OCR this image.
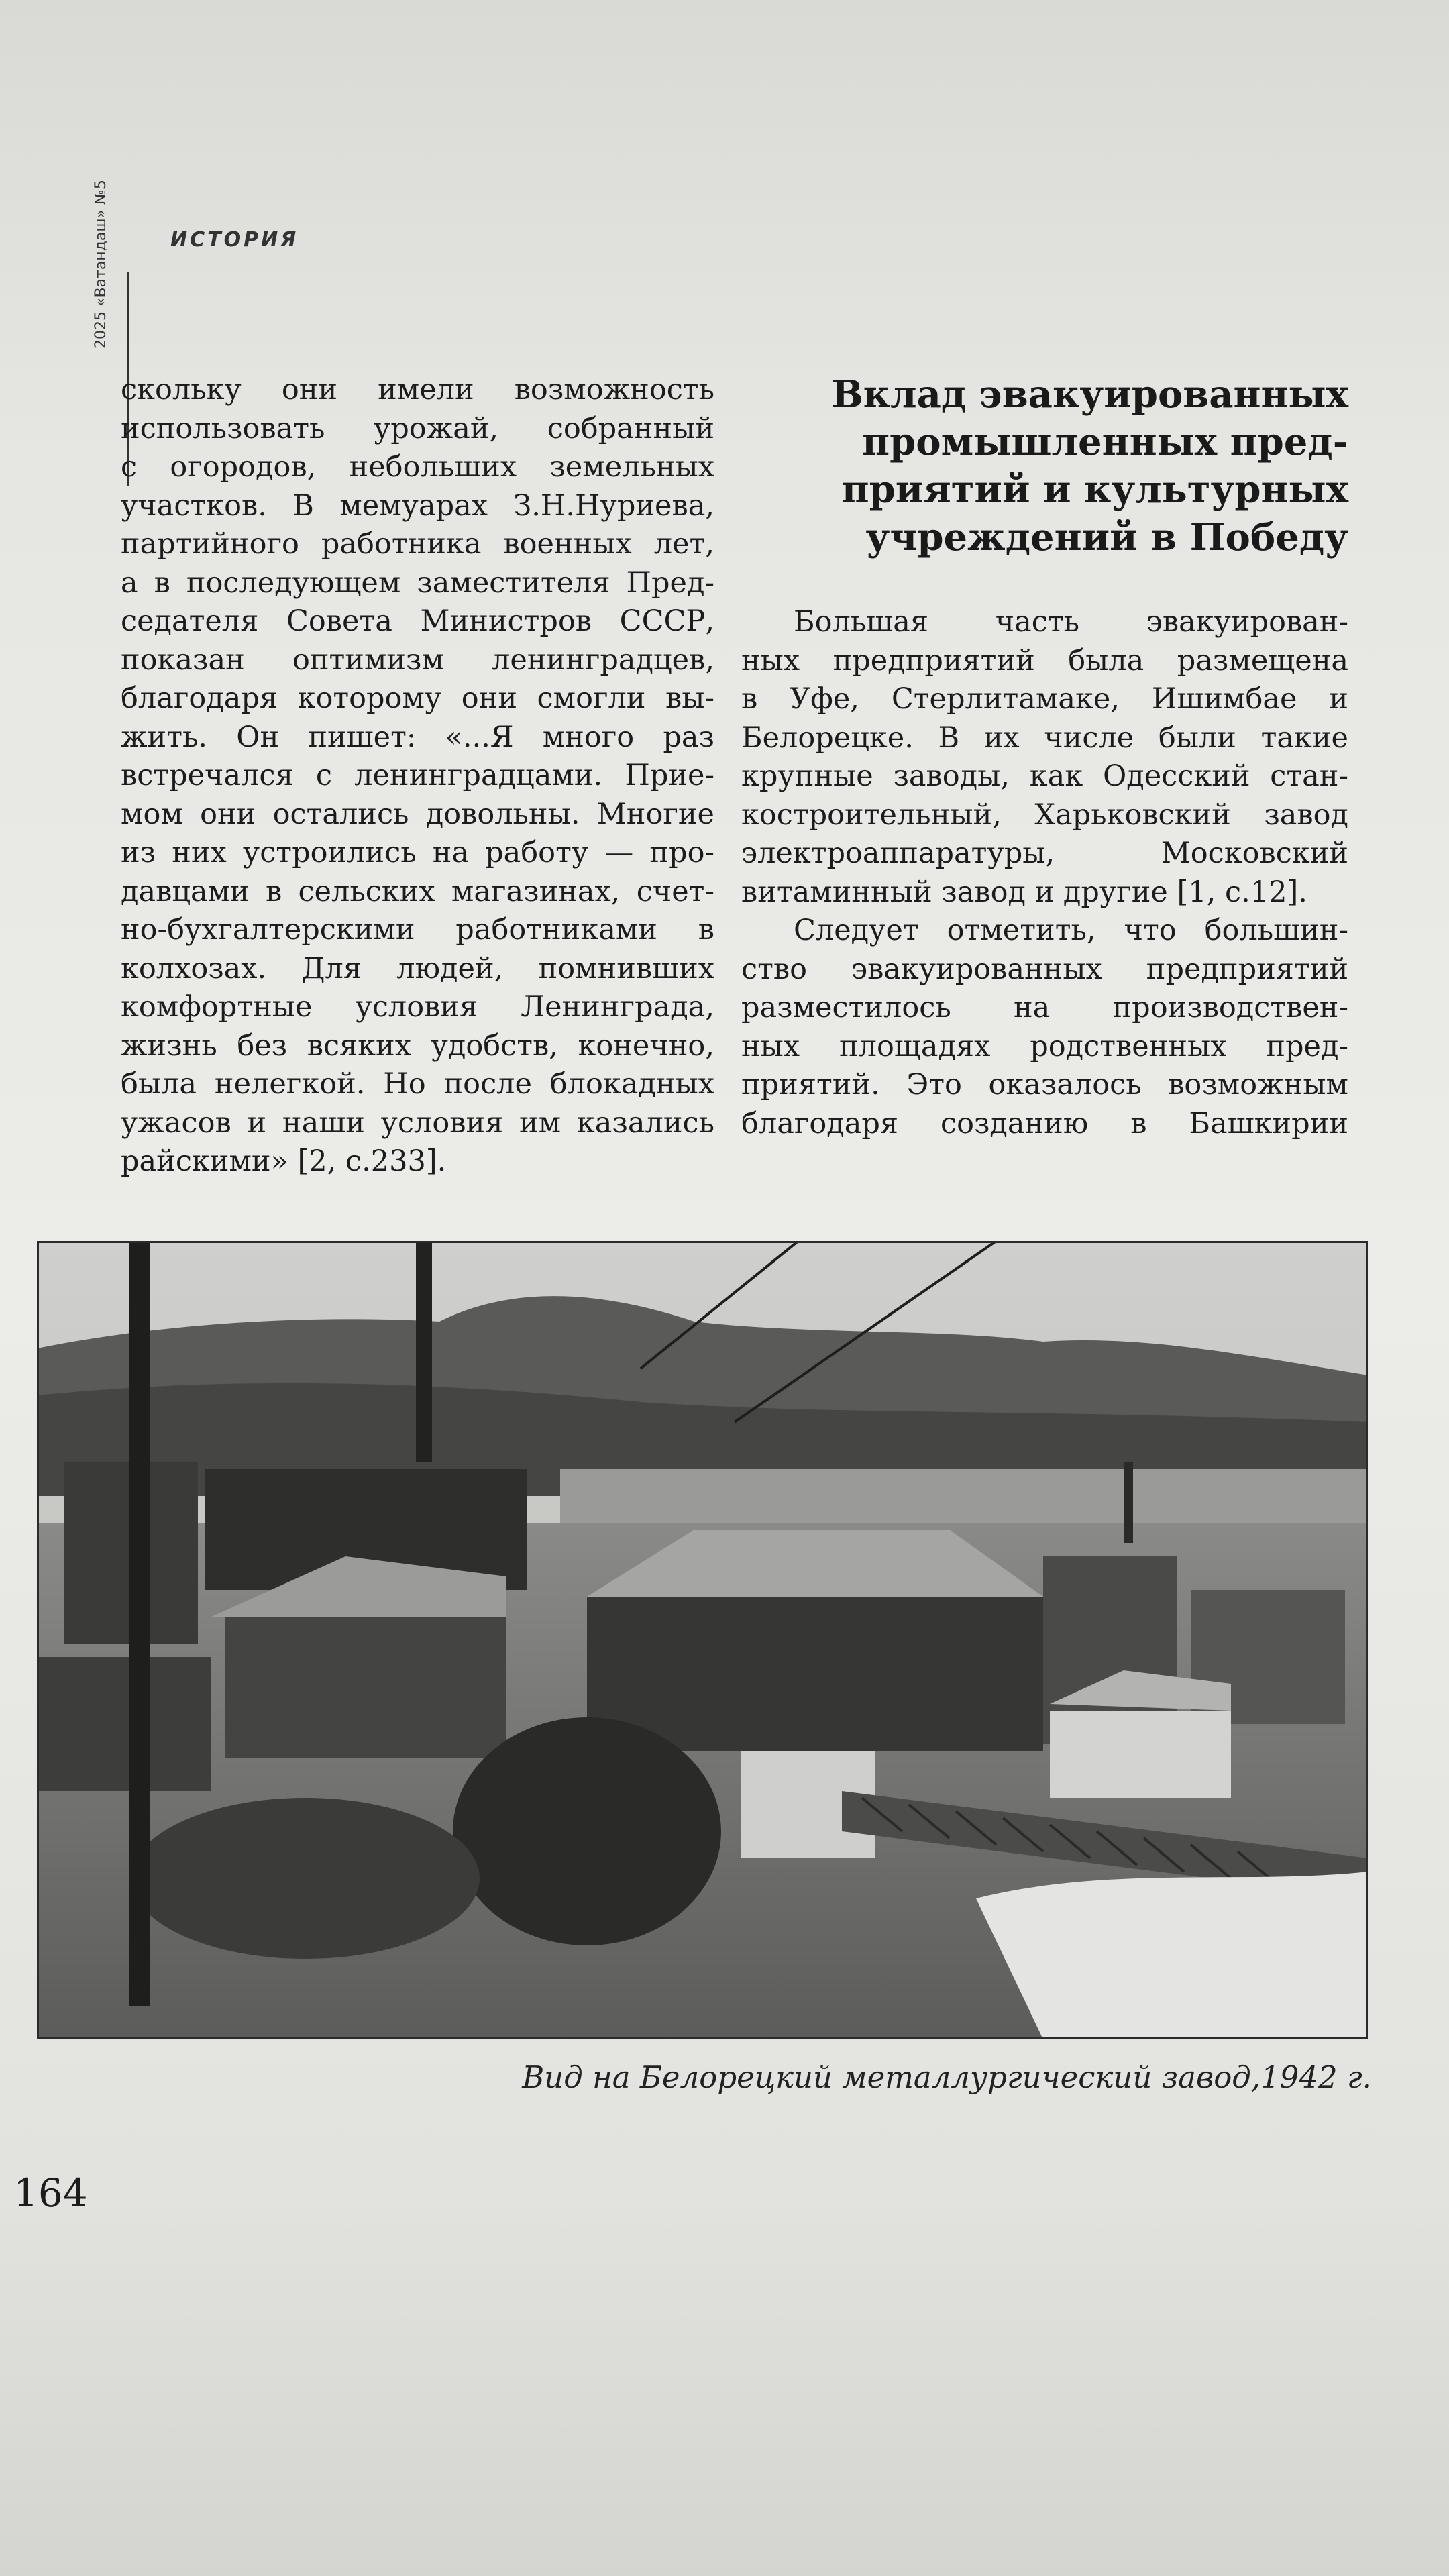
ИСТОРИЯ
2025 «Ватандаш» №5
скольку они имели возможность
использовать урожай, собранный
с огородов, небольших земельных
участков. В мемуарах З.Н.Нуриева,
партийного работника военных лет,
а в последующем заместителя Пред-
седателя Совета Министров СССР,
показан оптимизм ленинградцев,
благодаря которому они смогли вы-
жить. Он пишет: «...Я много раз
встречался с ленинградцами. Прие-
мом они остались довольны. Многие
из них устроились на работу — про-
давцами в сельских магазинах, счет-
но-бухгалтерскими работниками в
колхозах. Для людей, помнивших
комфортные условия Ленинграда,
жизнь без всяких удобств, конечно,
была нелегкой. Но после блокадных
ужасов и наши условия им казались
райскими» [2, с.233].
Вклад эвакуированных
промышленных пред-
приятий и культурных
учреждений в Победу
Большая часть эвакуирован-
ных предприятий была размещена
в Уфе, Стерлитамаке, Ишимбае и
Белорецке. В их числе были такие
крупные заводы, как Одесский стан-
костроительный, Харьковский завод
электроаппаратуры, Московский
витаминный завод и другие [1, с.12].
Следует отметить, что большин-
ство эвакуированных предприятий
разместилось на производствен-
ных площадях родственных пред-
приятий. Это оказалось возможным
благодаря созданию в Башкирии
Вид на Белорецкий металлургический завод,1942 г.
164
